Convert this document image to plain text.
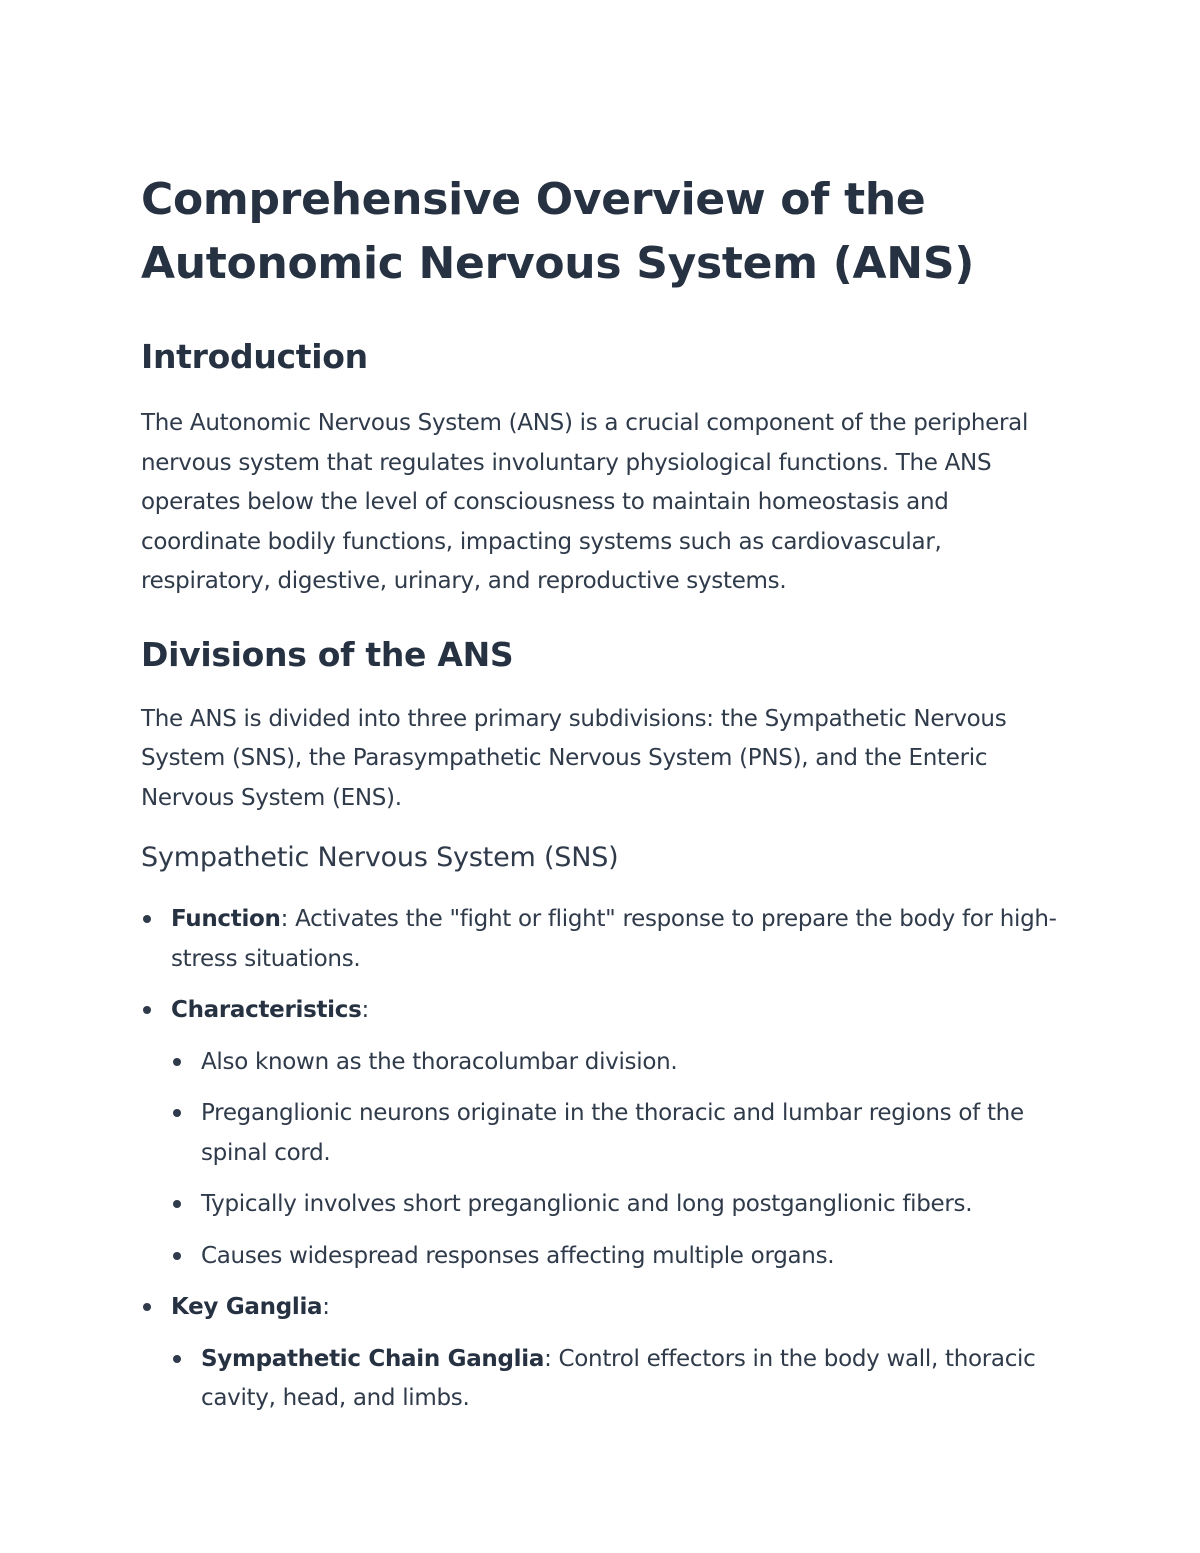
Comprehensive Overview of the Autonomic Nervous System (ANS)
Introduction

The Autonomic Nervous System (ANS) is a crucial component of the peripheral nervous system that regulates involuntary physiological functions. The ANS operates below the level of consciousness to maintain homeostasis and coordinate bodily functions, impacting systems such as cardiovascular, respiratory, digestive, urinary, and reproductive systems.

Divisions of the ANS

The ANS is divided into three primary subdivisions: the Sympathetic Nervous System (SNS), the Parasympathetic Nervous System (PNS), and the Enteric Nervous System (ENS).

Sympathetic Nervous System (SNS)
Function: Activates the "fight or flight" response to prepare the body for high-stress situations.
Characteristics:
Also known as the thoracolumbar division.
Preganglionic neurons originate in the thoracic and lumbar regions of the spinal cord.
Typically involves short preganglionic and long postganglionic fibers.
Causes widespread responses affecting multiple organs.
Key Ganglia:
Sympathetic Chain Ganglia: Control effectors in the body wall, thoracic cavity, head, and limbs.
